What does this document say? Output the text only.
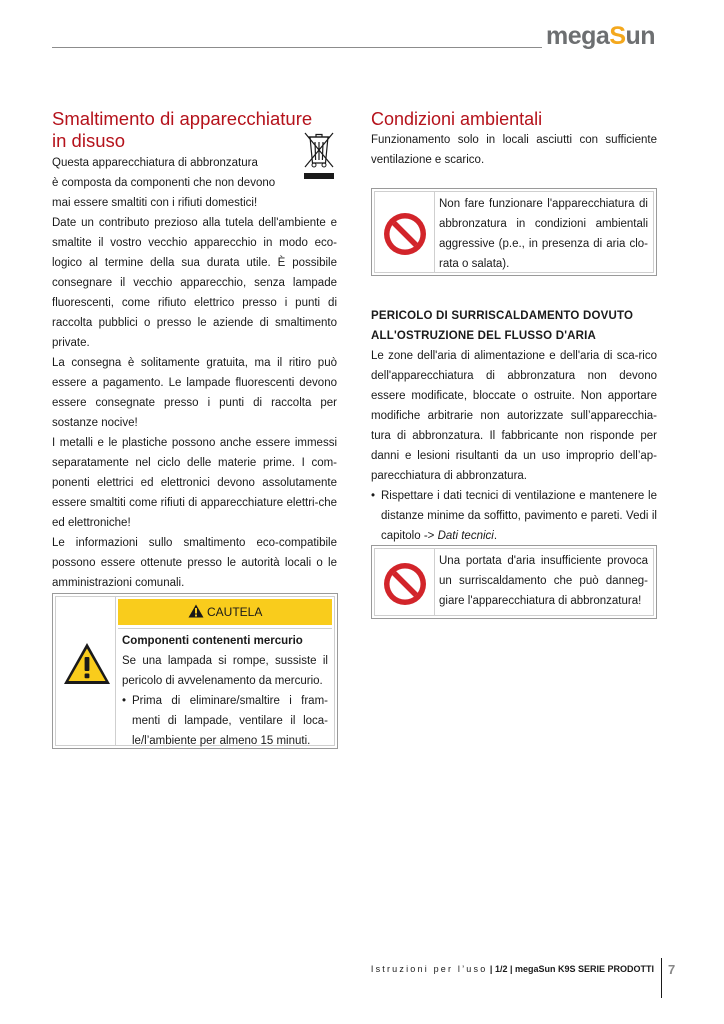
megaSun
Smaltimento di apparecchiature
in disuso
Questa apparecchiatura di abbronzatura
è composta da componenti che non devono
mai essere smaltiti con i rifiuti domestici!

Date un contributo prezioso alla tutela dell'ambiente e smaltite il vostro vecchio apparecchio in modo eco-logico al termine della sua durata utile. È possibile consegnare il vecchio apparecchio, senza lampade fluorescenti, come rifiuto elettrico presso i punti di raccolta pubblici o presso le aziende di smaltimento private.

La consegna è solitamente gratuita, ma il ritiro può essere a pagamento. Le lampade fluorescenti devono essere consegnate presso i punti di raccolta per sostanze nocive!

I metalli e le plastiche possono anche essere immessi separatamente nel ciclo delle materie prime. I com-ponenti elettrici ed elettronici devono assolutamente essere smaltiti come rifiuti di apparecchiature elettri-che ed elettroniche!

Le informazioni sullo smaltimento eco-compatibile possono essere ottenute presso le autorità locali o le amministrazioni comunali.

CAUTELA
Componenti contenenti mercurio
Se una lampada si rompe, sussiste il pericolo di avvelenamento da mercurio.
• Prima di eliminare/smaltire i fram-menti di lampade, ventilare il loca-le/l’ambiente per almeno 15 minuti.
Condizioni ambientali
Funzionamento solo in locali asciutti con sufficiente ventilazione e scarico.
Non fare funzionare l'apparecchiatura di abbronzatura in condizioni ambientali aggressive (p.e., in presenza di aria clo-rata o salata).
PERICOLO DI SURRISCALDAMENTO DOVUTO
ALL'OSTRUZIONE DEL FLUSSO D'ARIA
Le zone dell'aria di alimentazione e dell'aria di sca-rico dell'apparecchiatura di abbronzatura non devono essere modificate, bloccate o ostruite. Non apportare modifiche arbitrarie non autorizzate sull’apparecchia-tura di abbronzatura. Il fabbricante non risponde per danni e lesioni risultanti da un uso improprio dell’ap-parecchiatura di abbronzatura.
• Rispettare i dati tecnici di ventilazione e mantenere le distanze minime da soffitto, pavimento e pareti. Vedi il capitolo -> Dati tecnici.
Una portata d'aria insufficiente provoca un surriscaldamento che può danneg-giare l'apparecchiatura di abbronzatura!
Istruzioni per l’uso | 1/2 | megaSun K9S SERIE PRODOTTI 7
